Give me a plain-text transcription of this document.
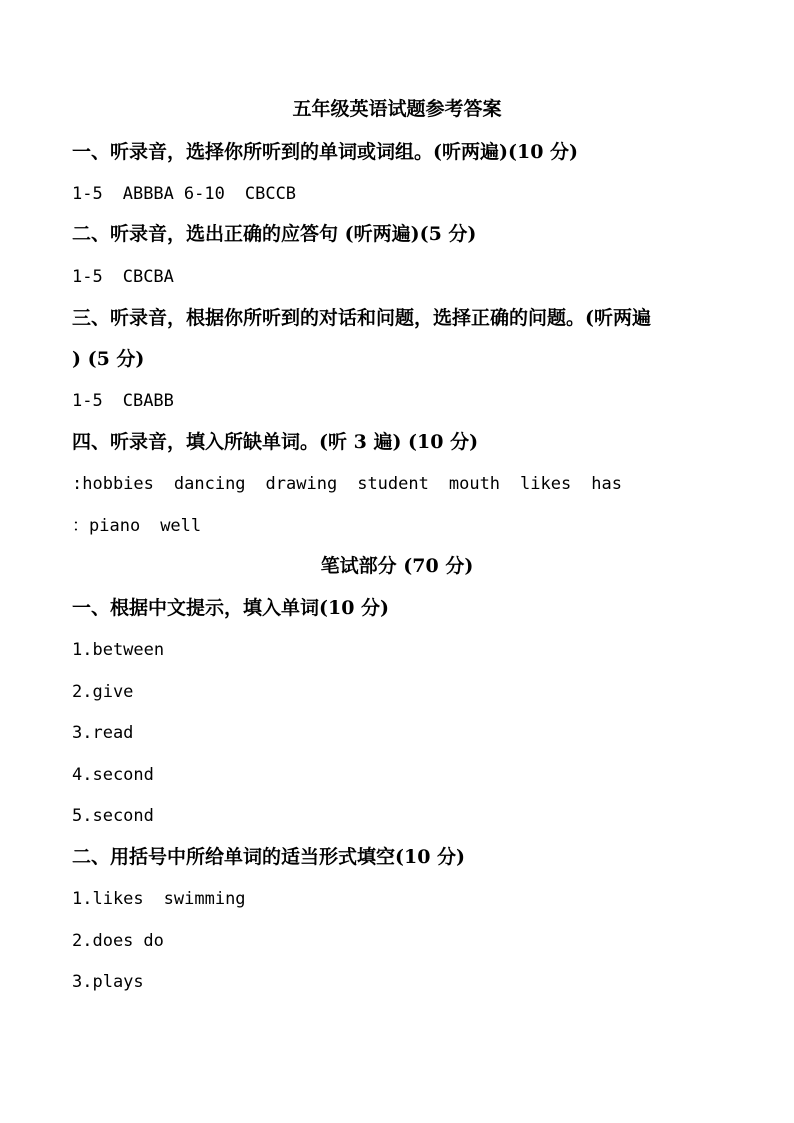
五年级英语试题参考答案
一、听录音，选择你所听到的单词或词组。(听两遍)(10 分)
1-5 ABBBA 6-10 CBCCB
二、听录音，选出正确的应答句 (听两遍)(5 分)
1-5 CBCBA
三、听录音，根据你所听到的对话和问题，选择正确的问题。(听两遍
) (5 分)
1-5 CBABB
四、听录音，填入所缺单词。(听 3 遍) (10 分)
:hobbies dancing drawing student mouth likes has
：piano well
笔试部分 (70 分)
一、根据中文提示，填入单词(10 分)
1.between
2.give
3.read
4.second
5.second
二、用括号中所给单词的适当形式填空(10 分)
1.likes swimming
2.does do
3.plays
